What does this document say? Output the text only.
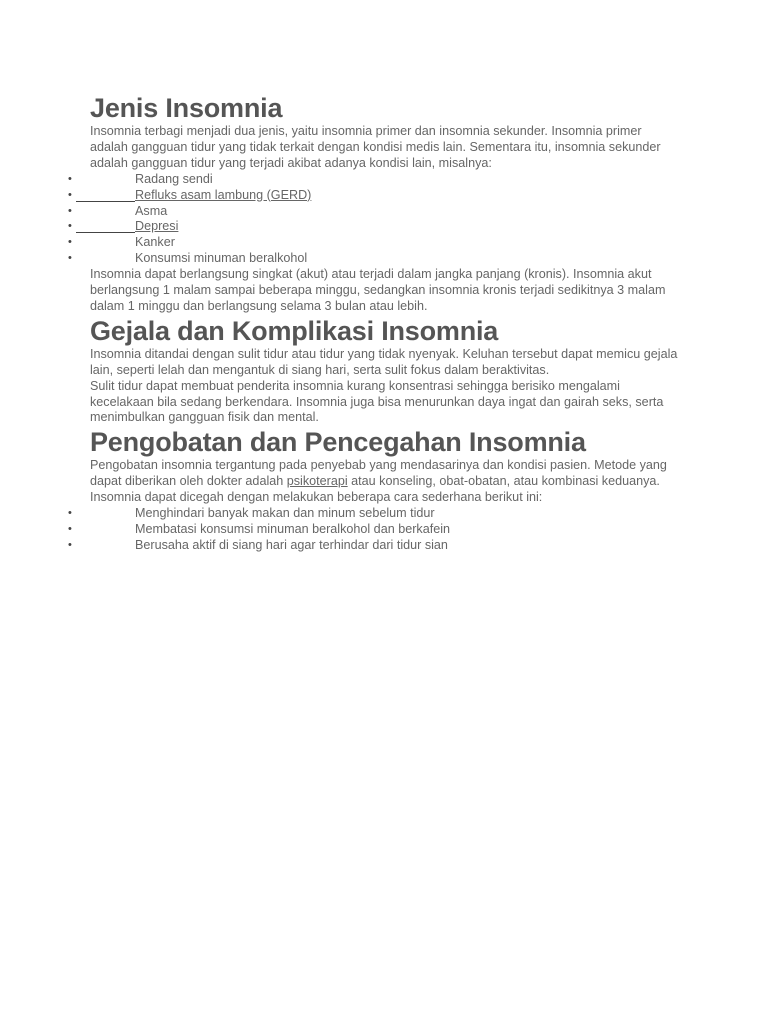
Jenis Insomnia

Insomnia terbagi menjadi dua jenis, yaitu insomnia primer dan insomnia sekunder. Insomnia primer adalah gangguan tidur yang tidak terkait dengan kondisi medis lain. Sementara itu, insomnia sekunder adalah gangguan tidur yang terjadi akibat adanya kondisi lain, misalnya:

•	Radang sendi
•	Refluks asam lambung (GERD)
•	Asma
•	Depresi
•	Kanker
•	Konsumsi minuman beralkohol

Insomnia dapat berlangsung singkat (akut) atau terjadi dalam jangka panjang (kronis). Insomnia akut berlangsung 1 malam sampai beberapa minggu, sedangkan insomnia kronis terjadi sedikitnya 3 malam dalam 1 minggu dan berlangsung selama 3 bulan atau lebih.

Gejala dan Komplikasi Insomnia

Insomnia ditandai dengan sulit tidur atau tidur yang tidak nyenyak. Keluhan tersebut dapat memicu gejala lain, seperti lelah dan mengantuk di siang hari, serta sulit fokus dalam beraktivitas.

Sulit tidur dapat membuat penderita insomnia kurang konsentrasi sehingga berisiko mengalami kecelakaan bila sedang berkendara. Insomnia juga bisa menurunkan daya ingat dan gairah seks, serta menimbulkan gangguan fisik dan mental.

Pengobatan dan Pencegahan Insomnia

Pengobatan insomnia tergantung pada penyebab yang mendasarinya dan kondisi pasien. Metode yang dapat diberikan oleh dokter adalah psikoterapi atau konseling, obat-obatan, atau kombinasi keduanya.

Insomnia dapat dicegah dengan melakukan beberapa cara sederhana berikut ini:

•	Menghindari banyak makan dan minum sebelum tidur
•	Membatasi konsumsi minuman beralkohol dan berkafein
•	Berusaha aktif di siang hari agar terhindar dari tidur sian
